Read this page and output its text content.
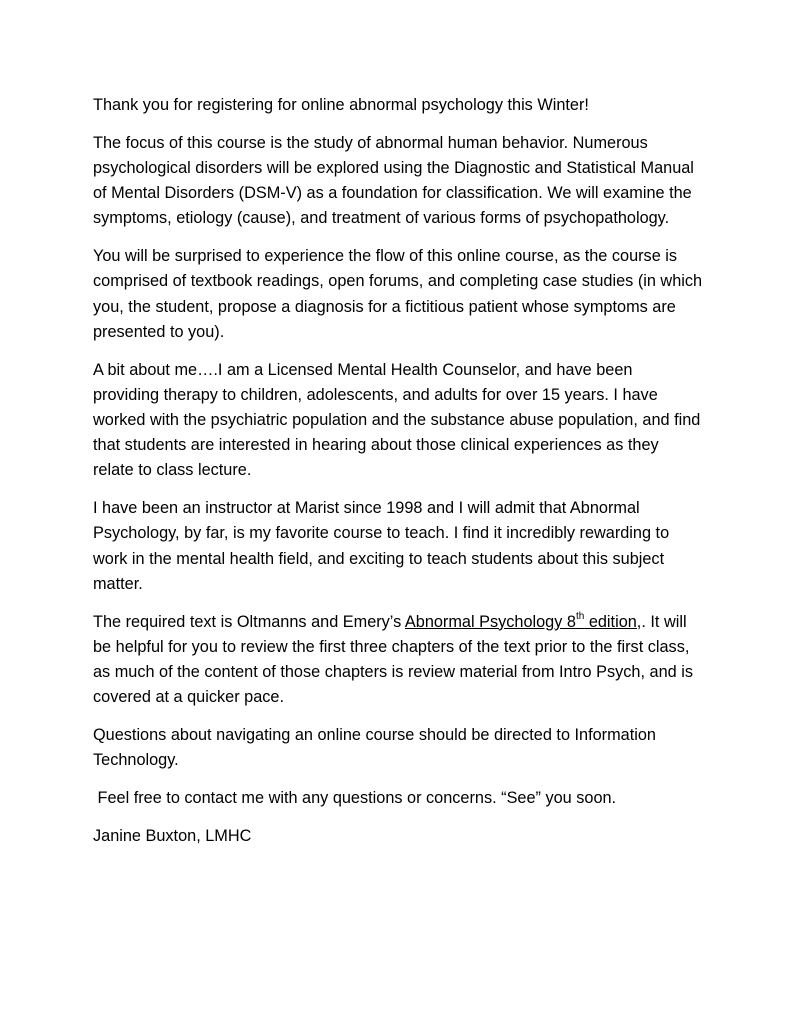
Thank you for registering for online abnormal psychology this Winter!

The focus of this course is the study of abnormal human behavior. Numerous psychological disorders will be explored using the Diagnostic and Statistical Manual of Mental Disorders (DSM-V) as a foundation for classification. We will examine the symptoms, etiology (cause), and treatment of various forms of psychopathology.

You will be surprised to experience the flow of this online course, as the course is comprised of textbook readings, open forums, and completing case studies (in which you, the student, propose a diagnosis for a fictitious patient whose symptoms are presented to you).

A bit about me….I am a Licensed Mental Health Counselor, and have been providing therapy to children, adolescents, and adults for over 15 years. I have worked with the psychiatric population and the substance abuse population, and find that students are interested in hearing about those clinical experiences as they relate to class lecture.

I have been an instructor at Marist since 1998 and I will admit that Abnormal Psychology, by far, is my favorite course to teach. I find it incredibly rewarding to work in the mental health field, and exciting to teach students about this subject matter.

The required text is Oltmanns and Emery’s Abnormal Psychology 8th edition,. It will be helpful for you to review the first three chapters of the text prior to the first class, as much of the content of those chapters is review material from Intro Psych, and is covered at a quicker pace.

Questions about navigating an online course should be directed to Information Technology.

Feel free to contact me with any questions or concerns. “See” you soon.

Janine Buxton, LMHC
